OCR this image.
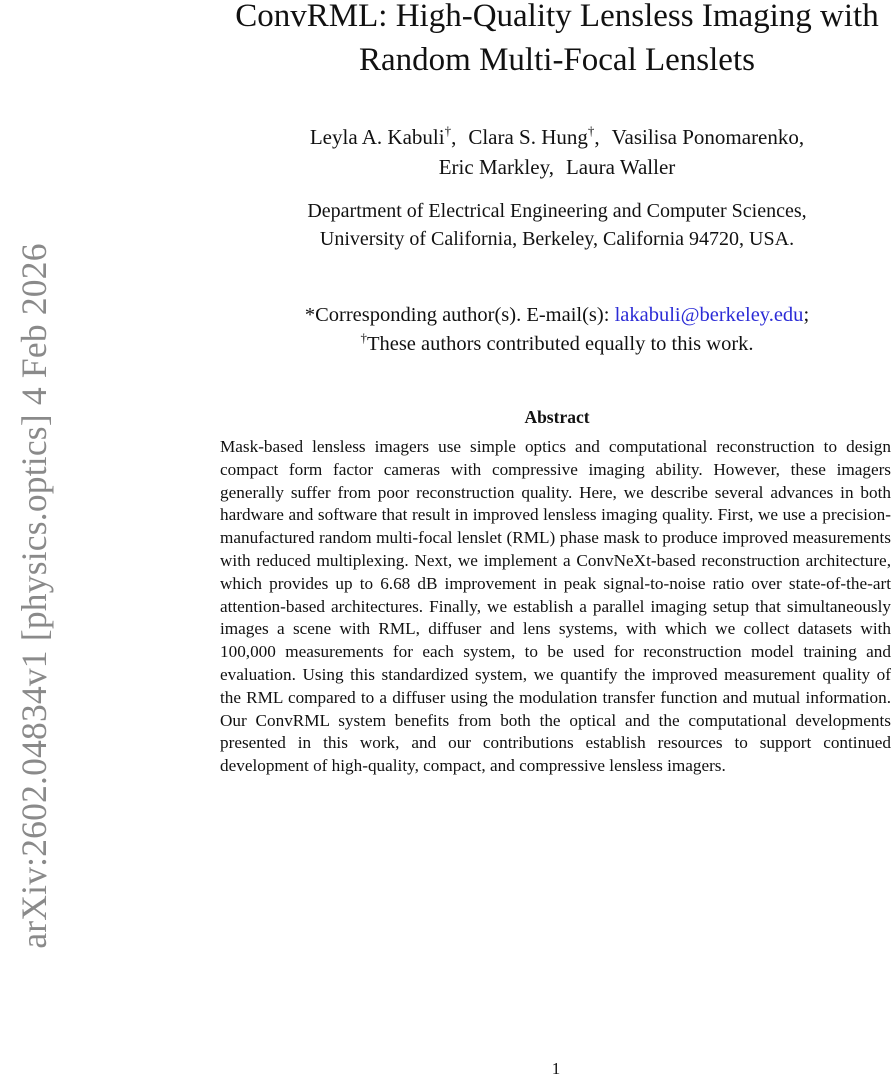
arXiv:2602.04834v1 [physics.optics] 4 Feb 2026
ConvRML: High-Quality Lensless Imaging with
Random Multi-Focal Lenslets
Leyla A. Kabuli†, Clara S. Hung†, Vasilisa Ponomarenko,
Eric Markley, Laura Waller
Department of Electrical Engineering and Computer Sciences,
University of California, Berkeley, California 94720, USA.
*Corresponding author(s). E-mail(s): lakabuli@berkeley.edu;
†These authors contributed equally to this work.
Abstract

Mask-based lensless imagers use simple optics and computational reconstruction to design compact form factor cameras with compressive imaging ability. However, these imagers generally suffer from poor reconstruction quality. Here, we describe several advances in both hardware and software that result in improved lensless imaging quality. First, we use a precision-manufactured random multi-focal lenslet (RML) phase mask to produce improved measurements with reduced multiplexing. Next, we implement a ConvNeXt-based reconstruction architecture, which provides up to 6.68 dB improvement in peak signal-to-noise ratio over state-of-the-art attention-based architectures. Finally, we establish a parallel imaging setup that simultaneously images a scene with RML, diffuser and lens systems, with which we collect datasets with 100,000 measurements for each system, to be used for reconstruction model training and evaluation. Using this standardized system, we quantify the improved measurement quality of the RML compared to a diffuser using the modulation transfer function and mutual information. Our ConvRML system benefits from both the optical and the computational developments presented in this work, and our contributions establish resources to support continued development of high-quality, compact, and compressive lensless imagers.

1
